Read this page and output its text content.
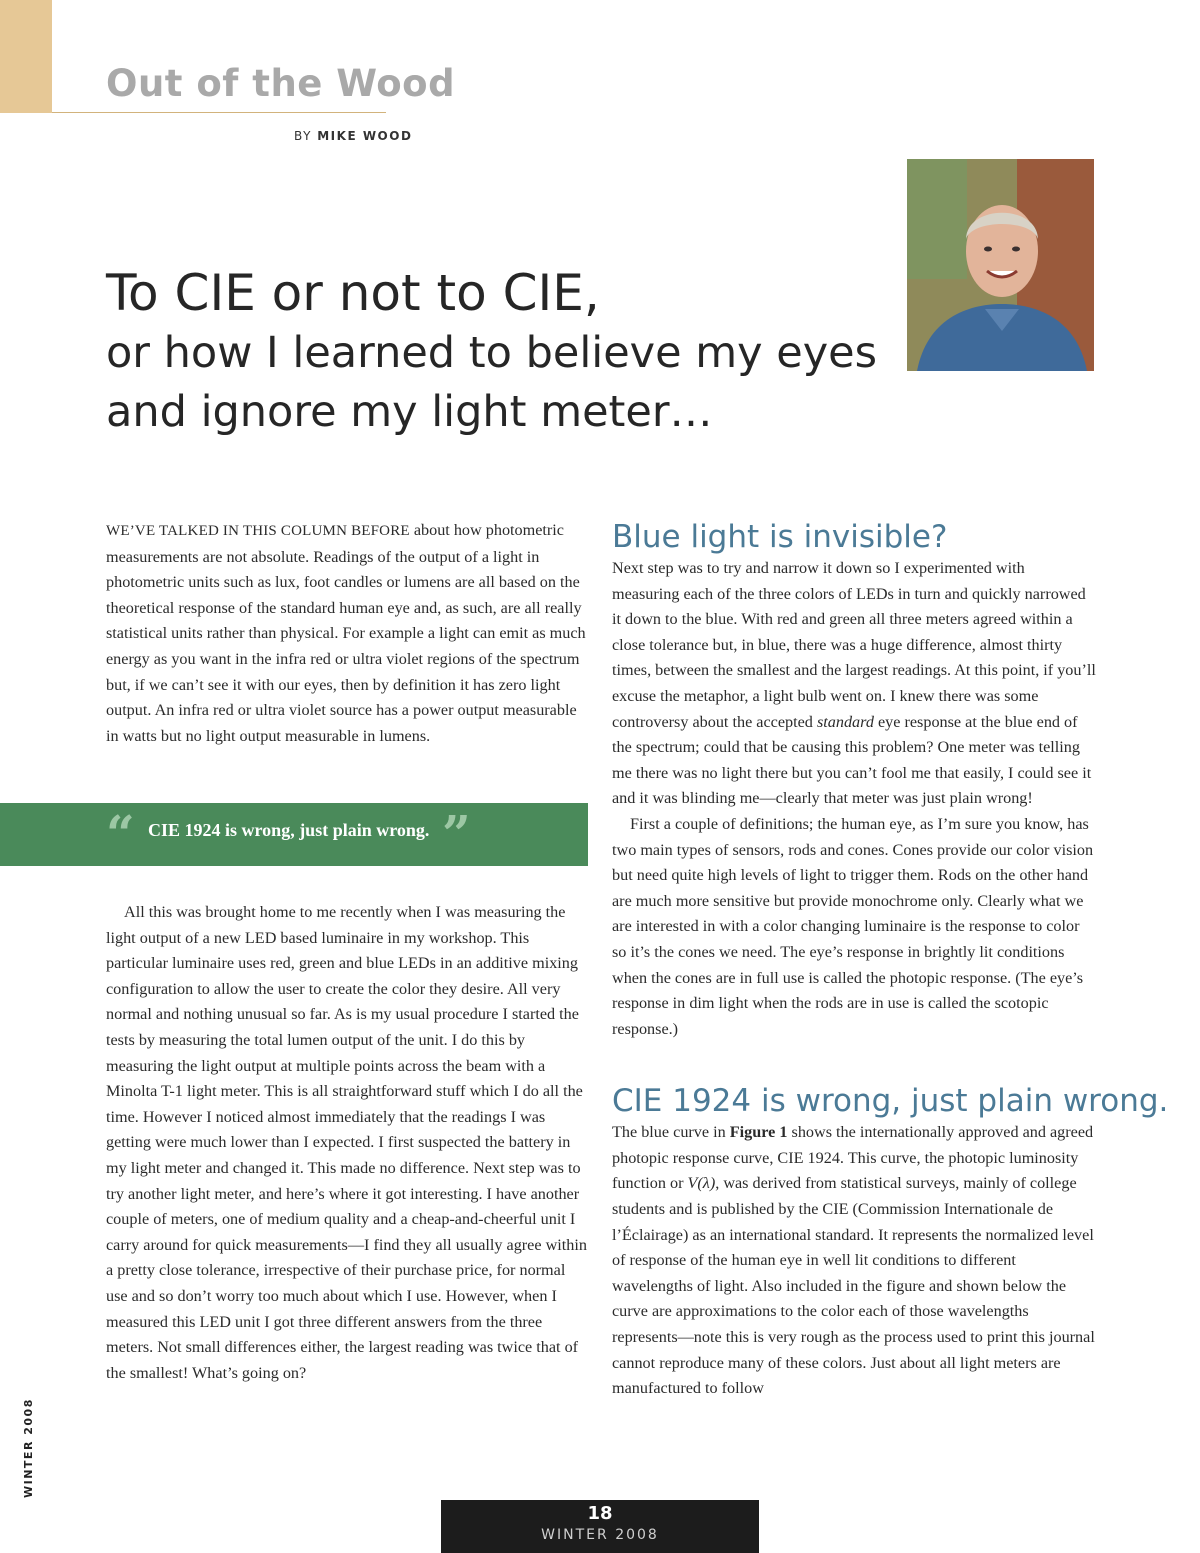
Out of the Wood
BY MIKE WOOD
To CIE or not to CIE,
or how I learned to believe my eyes
and ignore my light meter…

WE’VE TALKED IN THIS COLUMN BEFORE about how photometric measurements are not absolute. Readings of the output of a light in photometric units such as lux, foot candles or lumens are all based on the theoretical response of the standard human eye and, as such, are all really statistical units rather than physical. For example a light can emit as much energy as you want in the infra red or ultra violet regions of the spectrum but, if we can’t see it with our eyes, then by definition it has zero light output. An infra red or ultra violet source has a power output measurable in watts but no light output measurable in lumens.

“ CIE 1924 is wrong, just plain wrong. ”

All this was brought home to me recently when I was measuring the light output of a new LED based luminaire in my workshop. This particular luminaire uses red, green and blue LEDs in an additive mixing configuration to allow the user to create the color they desire. All very normal and nothing unusual so far. As is my usual procedure I started the tests by measuring the total lumen output of the unit. I do this by measuring the light output at multiple points across the beam with a Minolta T-1 light meter. This is all straightforward stuff which I do all the time. However I noticed almost immediately that the readings I was getting were much lower than I expected. I first suspected the battery in my light meter and changed it. This made no difference. Next step was to try another light meter, and here’s where it got interesting. I have another couple of meters, one of medium quality and a cheap-and-cheerful unit I carry around for quick measurements—I find they all usually agree within a pretty close tolerance, irrespective of their purchase price, for normal use and so don’t worry too much about which I use. However, when I measured this LED unit I got three different answers from the three meters. Not small differences either, the largest reading was twice that of the smallest! What’s going on?

Blue light is invisible?

Next step was to try and narrow it down so I experimented with measuring each of the three colors of LEDs in turn and quickly narrowed it down to the blue. With red and green all three meters agreed within a close tolerance but, in blue, there was a huge difference, almost thirty times, between the smallest and the largest readings. At this point, if you’ll excuse the metaphor, a light bulb went on. I knew there was some controversy about the accepted standard eye response at the blue end of the spectrum; could that be causing this problem? One meter was telling me there was no light there but you can’t fool me that easily, I could see it and it was blinding me—clearly that meter was just plain wrong!

First a couple of definitions; the human eye, as I’m sure you know, has two main types of sensors, rods and cones. Cones provide our color vision but need quite high levels of light to trigger them. Rods on the other hand are much more sensitive but provide monochrome only. Clearly what we are interested in with a color changing luminaire is the response to color so it’s the cones we need. The eye’s response in brightly lit conditions when the cones are in full use is called the photopic response. (The eye’s response in dim light when the rods are in use is called the scotopic response.)

CIE 1924 is wrong, just plain wrong.

The blue curve in Figure 1 shows the internationally approved and agreed photopic response curve, CIE 1924. This curve, the photopic luminosity function or V(λ), was derived from statistical surveys, mainly of college students and is published by the CIE (Commission Internationale de l’Éclairage) as an international standard. It represents the normalized level of response of the human eye in well lit conditions to different wavelengths of light. Also included in the figure and shown below the curve are approximations to the color each of those wavelengths represents—note this is very rough as the process used to print this journal cannot reproduce many of these colors. Just about all light meters are manufactured to follow

WINTER 2008
18
WINTER 2008
